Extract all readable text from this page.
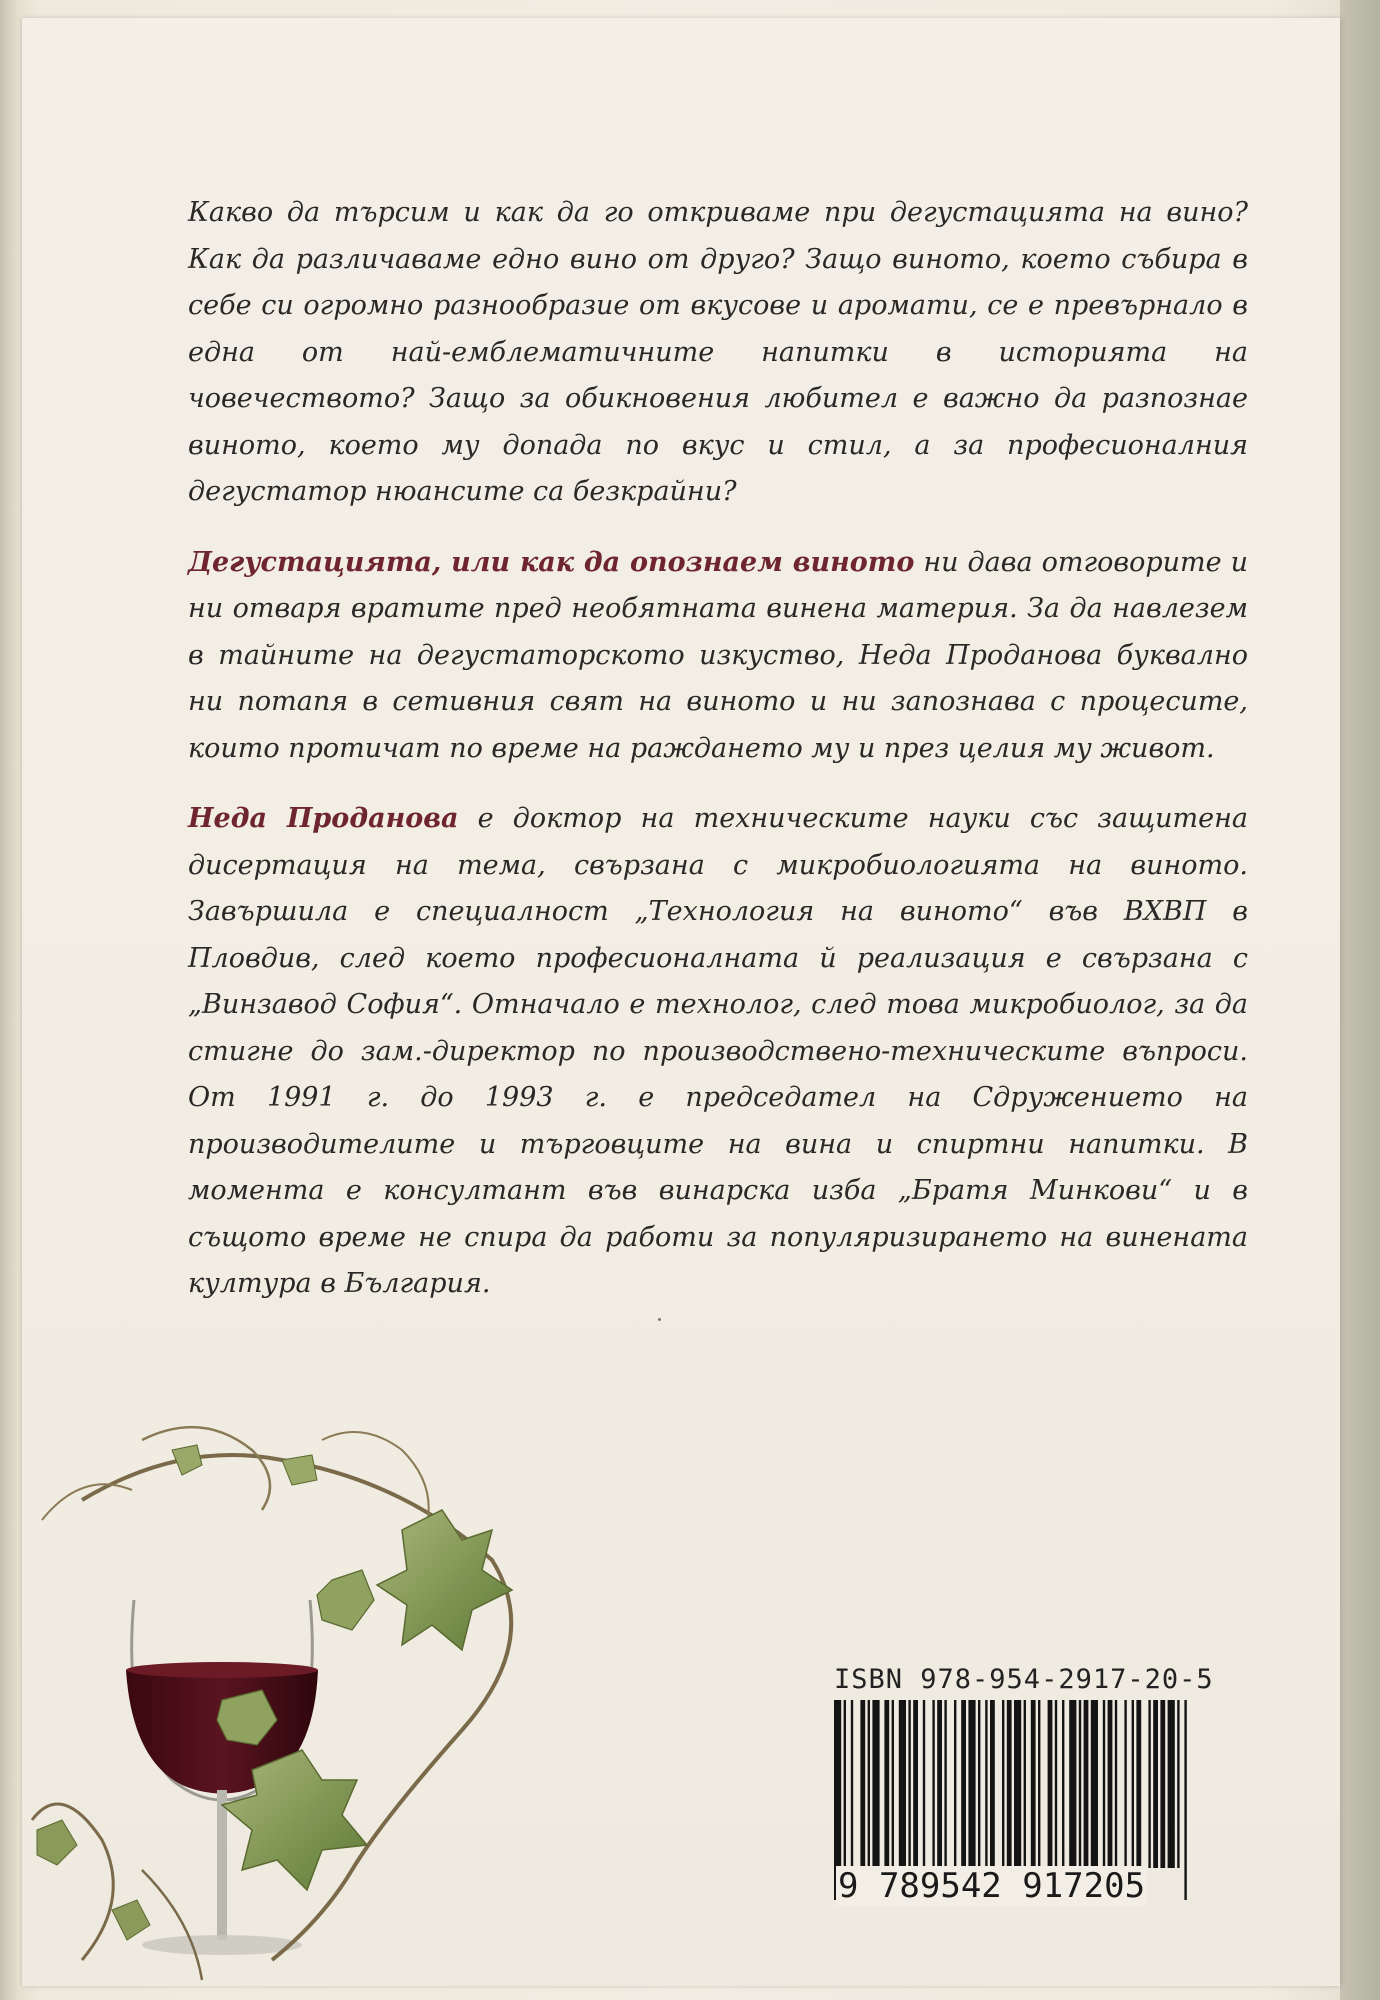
Какво да търсим и как да го откриваме при дегустацията на вино? Как да различаваме едно вино от друго? Защо виното, което събира в себе си огромно разнообразие от вкусове и аромати, се е превърнало в една от най-емблематичните напитки в историята на човечеството? Защо за обикновения любител е важно да разпознае виното, което му допада по вкус и стил, а за професионалния дегустатор нюансите са безкрайни?

Дегустацията, или как да опознаем виното ни дава отговорите и ни отваря вратите пред необятната винена материя. За да навлезем в тайните на дегустаторското изкуство, Неда Проданова буквално ни потапя в сетивния свят на виното и ни запознава с процесите, които протичат по време на раждането му и през целия му живот.

Неда Проданова е доктор на техническите науки със защитена дисертация на тема, свързана с микробиологията на виното. Завършила е специалност „Технология на виното“ във ВХВП в Пловдив, след което професионалната й реализация е свързана с „Винзавод София“. Отначало е технолог, след това микробиолог, за да стигне до зам.-директор по производствено-техническите въпроси. От 1991 г. до 1993 г. е председател на Сдружението на производителите и търговците на вина и спиртни напитки. В момента е консултант във винарска изба „Братя Минкови“ и в същото време не спира да работи за популяризирането на винената култура в България.

ISBN 978-954-2917-20-5
9 789542 917205
